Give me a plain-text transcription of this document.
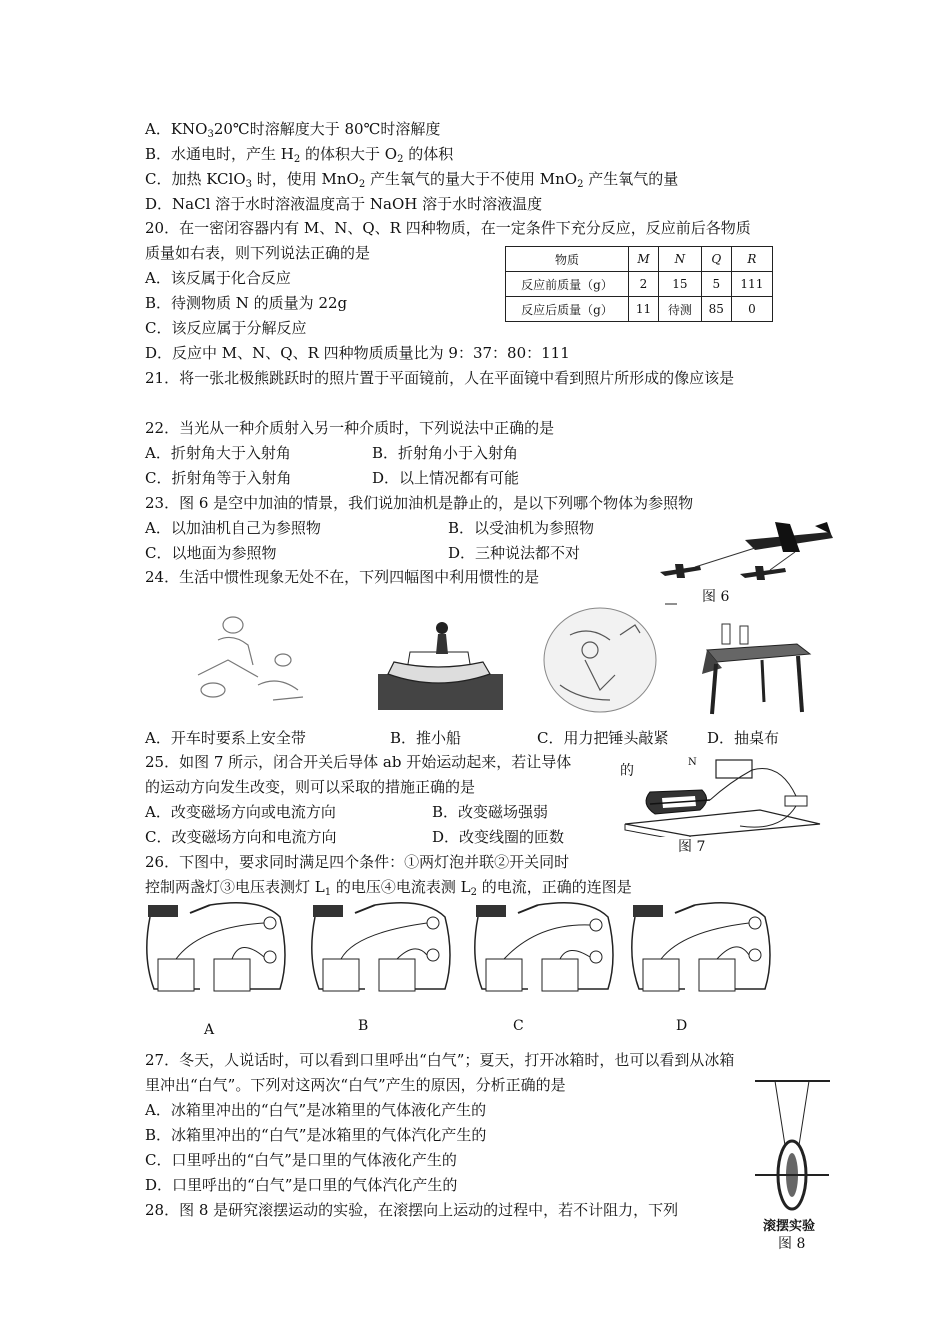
A．$KNO_320℃$时溶解度大于 80℃时溶解度
B．水通电时，产生 $H_2$ 的体积大于 $O_2$ 的体积
C．加热 KClO$_3$ 时，使用 MnO$_2$ 产生氧气的量大于不使用 MnO$_2$ 产生氧气的量
D．NaCl 溶于水时溶液温度高于 NaOH 溶于水时溶液温度
20．在一密闭容器内有 M、N、Q、R 四种物质，在一定条件下充分反应，反应前后各物质
质量如右表，则下列说法正确的是
A．该反属于化合反应
B．待测物质 N 的质量为 22g
C．该反应属于分解反应
D．反应中 M、N、Q、R 四种物质质量比为 9：37：80：111
物质	M	N	Q	R
反应前质量（g）	2	15	5	111
反应后质量（g）	11	待测	85	0
21．将一张北极熊跳跃时的照片置于平面镜前，人在平面镜中看到照片所形成的像应该是
22．当光从一种介质射入另一种介质时，下列说法中正确的是
A．折射角大于入射角	B．折射角小于入射角
C．折射角等于入射角	D．以上情况都有可能
23．图 6 是空中加油的情景，我们说加油机是静止的，是以下列哪个物体为参照物
A．以加油机自己为参照物	B．以受油机为参照物
C．以地面为参照物	D．三种说法都不对
图 6
24．生活中惯性现象无处不在，下列四幅图中利用惯性的是
A．开车时要系上安全带	B．推小船	C．用力把锤头敲紧	D．抽桌布
25．如图 7 所示，闭合开关后导体 ab 开始运动起来，若让导体
的运动方向发生改变，则可以采取的措施正确的是
A．改变磁场方向或电流方向	B．改变磁场强弱
C．改变磁场方向和电流方向	D．改变线圈的匝数
的
N
图 7
26．下图中，要求同时满足四个条件：①两灯泡并联②开关同时
控制两盏灯③电压表测灯 $L_1$ 的电压④电流表测 $L_2$ 的电流，正确的连图是
A	B	C	D
27．冬天，人说话时，可以看到口里呼出“白气”；夏天，打开冰箱时，也可以看到从冰箱
里冲出“白气”。下列对这两次“白气”产生的原因，分析正确的是
A．冰箱里冲出的“白气”是冰箱里的气体液化产生的
B．冰箱里冲出的“白气”是冰箱里的气体汽化产生的
C．口里呼出的“白气”是口里的气体液化产生的
D．口里呼出的“白气”是口里的气体汽化产生的
28．图 8 是研究滚摆运动的实验，在滚摆向上运动的过程中，若不计阻力，下列
滚摆实验
图 8
